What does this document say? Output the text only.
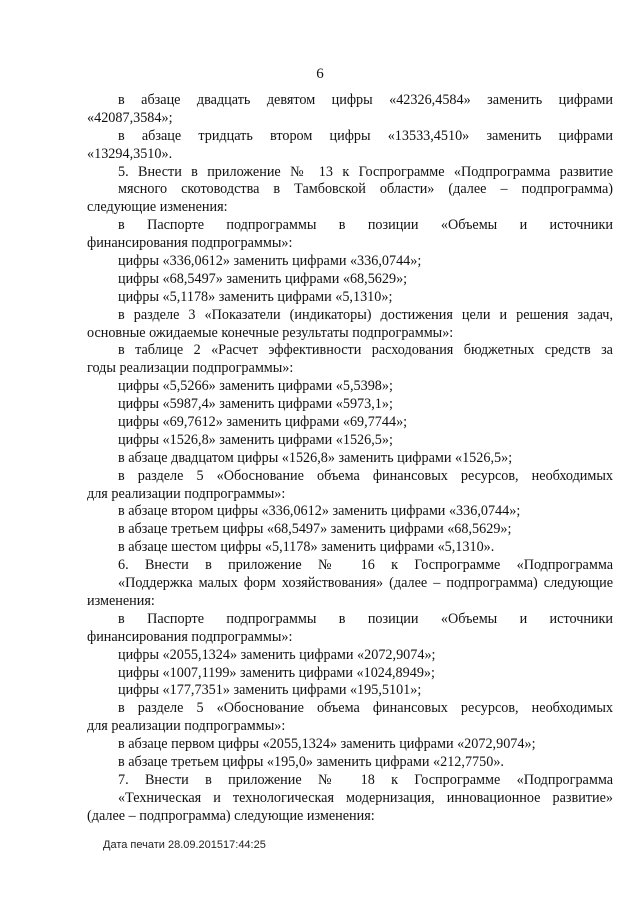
6
в абзаце двадцать девятом цифры «42326,4584» заменить цифрами
«42087,3584»;
в абзаце тридцать втором цифры «13533,4510» заменить цифрами
«13294,3510».
5. Внести в приложение № 13 к Госпрограмме «Подпрограмма развитие
мясного скотоводства в Тамбовской области» (далее – подпрограмма)
следующие изменения:
в Паспорте подпрограммы в позиции «Объемы и источники
финансирования подпрограммы»:
цифры «336,0612» заменить цифрами «336,0744»;
цифры «68,5497» заменить цифрами «68,5629»;
цифры «5,1178» заменить цифрами «5,1310»;
в разделе 3 «Показатели (индикаторы) достижения цели и решения задач,
основные ожидаемые конечные результаты подпрограммы»:
в таблице 2 «Расчет эффективности расходования бюджетных средств за
годы реализации подпрограммы»:
цифры «5,5266» заменить цифрами «5,5398»;
цифры «5987,4» заменить цифрами «5973,1»;
цифры «69,7612» заменить цифрами «69,7744»;
цифры «1526,8» заменить цифрами «1526,5»;
в абзаце двадцатом цифры «1526,8» заменить цифрами «1526,5»;
в разделе 5 «Обоснование объема финансовых ресурсов, необходимых
для реализации подпрограммы»:
в абзаце втором цифры «336,0612» заменить цифрами «336,0744»;
в абзаце третьем цифры «68,5497» заменить цифрами «68,5629»;
в абзаце шестом цифры «5,1178» заменить цифрами «5,1310».
6. Внести в приложение № 16 к Госпрограмме «Подпрограмма
«Поддержка малых форм хозяйствования» (далее – подпрограмма) следующие
изменения:
в Паспорте подпрограммы в позиции «Объемы и источники
финансирования подпрограммы»:
цифры «2055,1324» заменить цифрами «2072,9074»;
цифры «1007,1199» заменить цифрами «1024,8949»;
цифры «177,7351» заменить цифрами «195,5101»;
в разделе 5 «Обоснование объема финансовых ресурсов, необходимых
для реализации подпрограммы»:
в абзаце первом цифры «2055,1324» заменить цифрами «2072,9074»;
в абзаце третьем цифры «195,0» заменить цифрами «212,7750».
7. Внести в приложение № 18 к Госпрограмме «Подпрограмма
«Техническая и технологическая модернизация, инновационное развитие»
(далее – подпрограмма) следующие изменения:
Дата печати 28.09.201517:44:25
